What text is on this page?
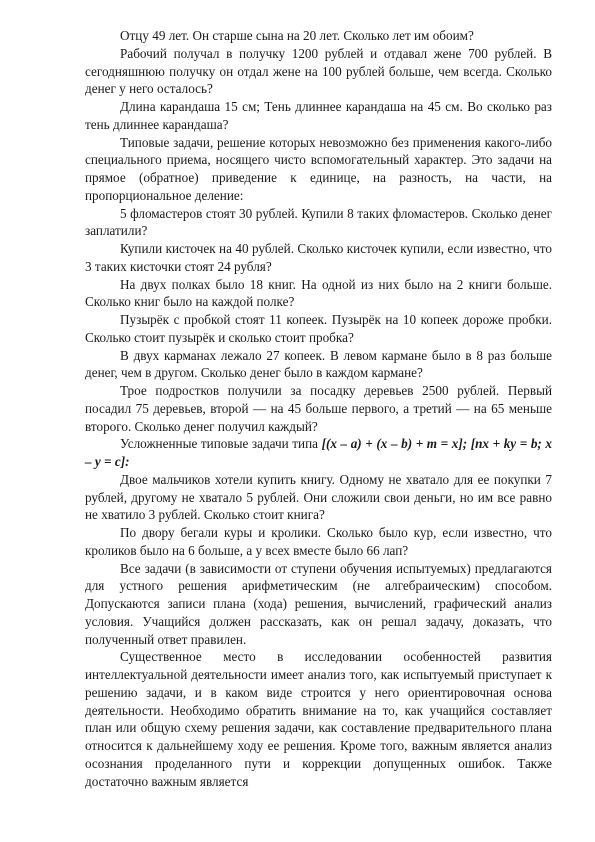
Отцу 49 лет. Он старше сына на 20 лет. Сколько лет им обоим?

Рабочий получал в получку 1200 рублей и отдавал жене 700 рублей. В сегодняшнюю получку он отдал жене на 100 рублей больше, чем всегда. Сколько денег у него осталось?

Длина карандаша 15 см; Тень длиннее карандаша на 45 см. Во сколько раз тень длиннее карандаша?

Типовые задачи, решение которых невозможно без применения какого-либо специального приема, носящего чисто вспомогательный характер. Это задачи на прямое (обратное) приведение к единице, на разность, на части, на пропорциональное деление:

5 фломастеров стоят 30 рублей. Купили 8 таких фломастеров. Сколько денег заплатили?

Купили кисточек на 40 рублей. Сколько кисточек купили, если известно, что 3 таких кисточки стоят 24 рубля?

На двух полках было 18 книг. На одной из них было на 2 книги больше. Сколько книг было на каждой полке?

Пузырёк с пробкой стоят 11 копеек. Пузырёк на 10 копеек дороже пробки. Сколько стоит пузырёк и сколько стоит пробка?

В двух карманах лежало 27 копеек. В левом кармане было в 8 раз больше денег, чем в другом. Сколько денег было в каждом кармане?

Трое подростков получили за посадку деревьев 2500 рублей. Первый посадил 75 деревьев, второй — на 45 больше первого, а третий — на 65 меньше второго. Сколько денег получил каждый?

Усложненные типовые задачи типа [(x – a) + (x – b) + m = x]; [nx + ky = b; x – y = c]:

Двое мальчиков хотели купить книгу. Одному не хватало для ее покупки 7 рублей, другому не хватало 5 рублей. Они сложили свои деньги, но им все равно не хватило 3 рублей. Сколько стоит книга?

По двору бегали куры и кролики. Сколько было кур, если известно, что кроликов было на 6 больше, а у всех вместе было 66 лап?

Все задачи (в зависимости от ступени обучения испытуемых) предлагаются для устного решения арифметическим (не алгебраическим) способом. Допускаются записи плана (хода) решения, вычислений, графический анализ условия. Учащийся должен рассказать, как он решал задачу, доказать, что полученный ответ правилен.

Существенное место в исследовании особенностей развития интеллектуальной деятельности имеет анализ того, как испытуемый приступает к решению задачи, и в каком виде строится у него ориентировочная основа деятельности. Необходимо обратить внимание на то, как учащийся составляет план или общую схему решения задачи, как составление предварительного плана относится к дальнейшему ходу ее решения. Кроме того, важным является анализ осознания проделанного пути и коррекции допущенных ошибок. Также достаточно важным является
